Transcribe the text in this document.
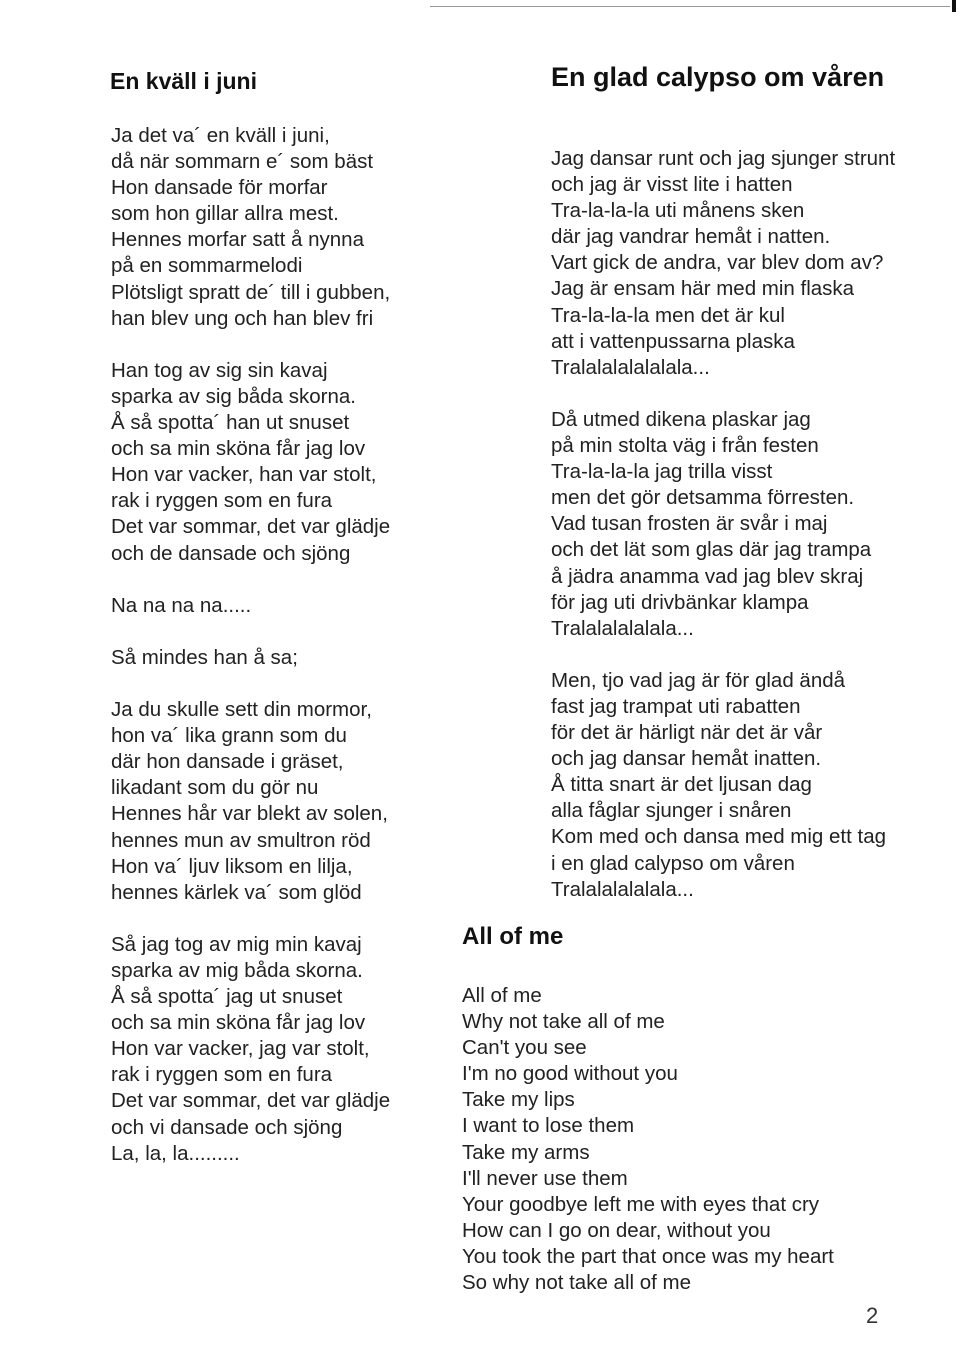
En kväll i juni
Ja det va´ en kväll i juni,
då när sommarn e´ som bäst
Hon dansade för morfar
som hon gillar allra mest.
Hennes morfar satt å nynna
på en sommarmelodi
Plötsligt spratt de´ till i gubben,
han blev ung och han blev fri
Han tog av sig sin kavaj
sparka av sig båda skorna.
Å så spotta´ han ut snuset
och sa min sköna får jag lov
Hon var vacker, han var stolt,
rak i ryggen som en fura
Det var sommar, det var glädje
och de dansade och sjöng
Na na na na.....
Så mindes han å sa;
Ja du skulle sett din mormor,
hon va´ lika grann som du
där hon dansade i gräset,
likadant som du gör nu
Hennes hår var blekt av solen,
hennes mun av smultron röd
Hon va´ ljuv liksom en lilja,
hennes kärlek va´ som glöd
Så jag tog av mig min kavaj
sparka av mig båda skorna.
Å så spotta´ jag ut snuset
och sa min sköna får jag lov
Hon var vacker, jag var stolt,
rak i ryggen som en fura
Det var sommar, det var glädje
och vi dansade och sjöng
La, la, la.........
En glad calypso om våren
Jag dansar runt och jag sjunger strunt
och jag är visst lite i hatten
Tra-la-la-la uti månens sken
där jag vandrar hemåt i natten.
Vart gick de andra, var blev dom av?
Jag är ensam här med min flaska
Tra-la-la-la men det är kul
att i vattenpussarna plaska
Tralalalalalalala...
Då utmed dikena plaskar jag
på min stolta väg i från festen
Tra-la-la-la jag trilla visst
men det gör detsamma förresten.
Vad tusan frosten är svår i maj
och det lät som glas där jag trampa
å jädra anamma vad jag blev skraj
för jag uti drivbänkar klampa
Tralalalalalala...
Men, tjo vad jag är för glad ändå
fast jag trampat uti rabatten
för det är härligt när det är vår
och jag dansar hemåt inatten.
Å titta snart är det ljusan dag
alla fåglar sjunger i snåren
Kom med och dansa med mig ett tag
i en glad calypso om våren
Tralalalalalala...
All of me
All of me
Why not take all of me
Can't you see
I'm no good without you
Take my lips
I want to lose them
Take my arms
I'll never use them
Your goodbye left me with eyes that cry
How can I go on dear, without you
You took the part that once was my heart
So why not take all of me
2
